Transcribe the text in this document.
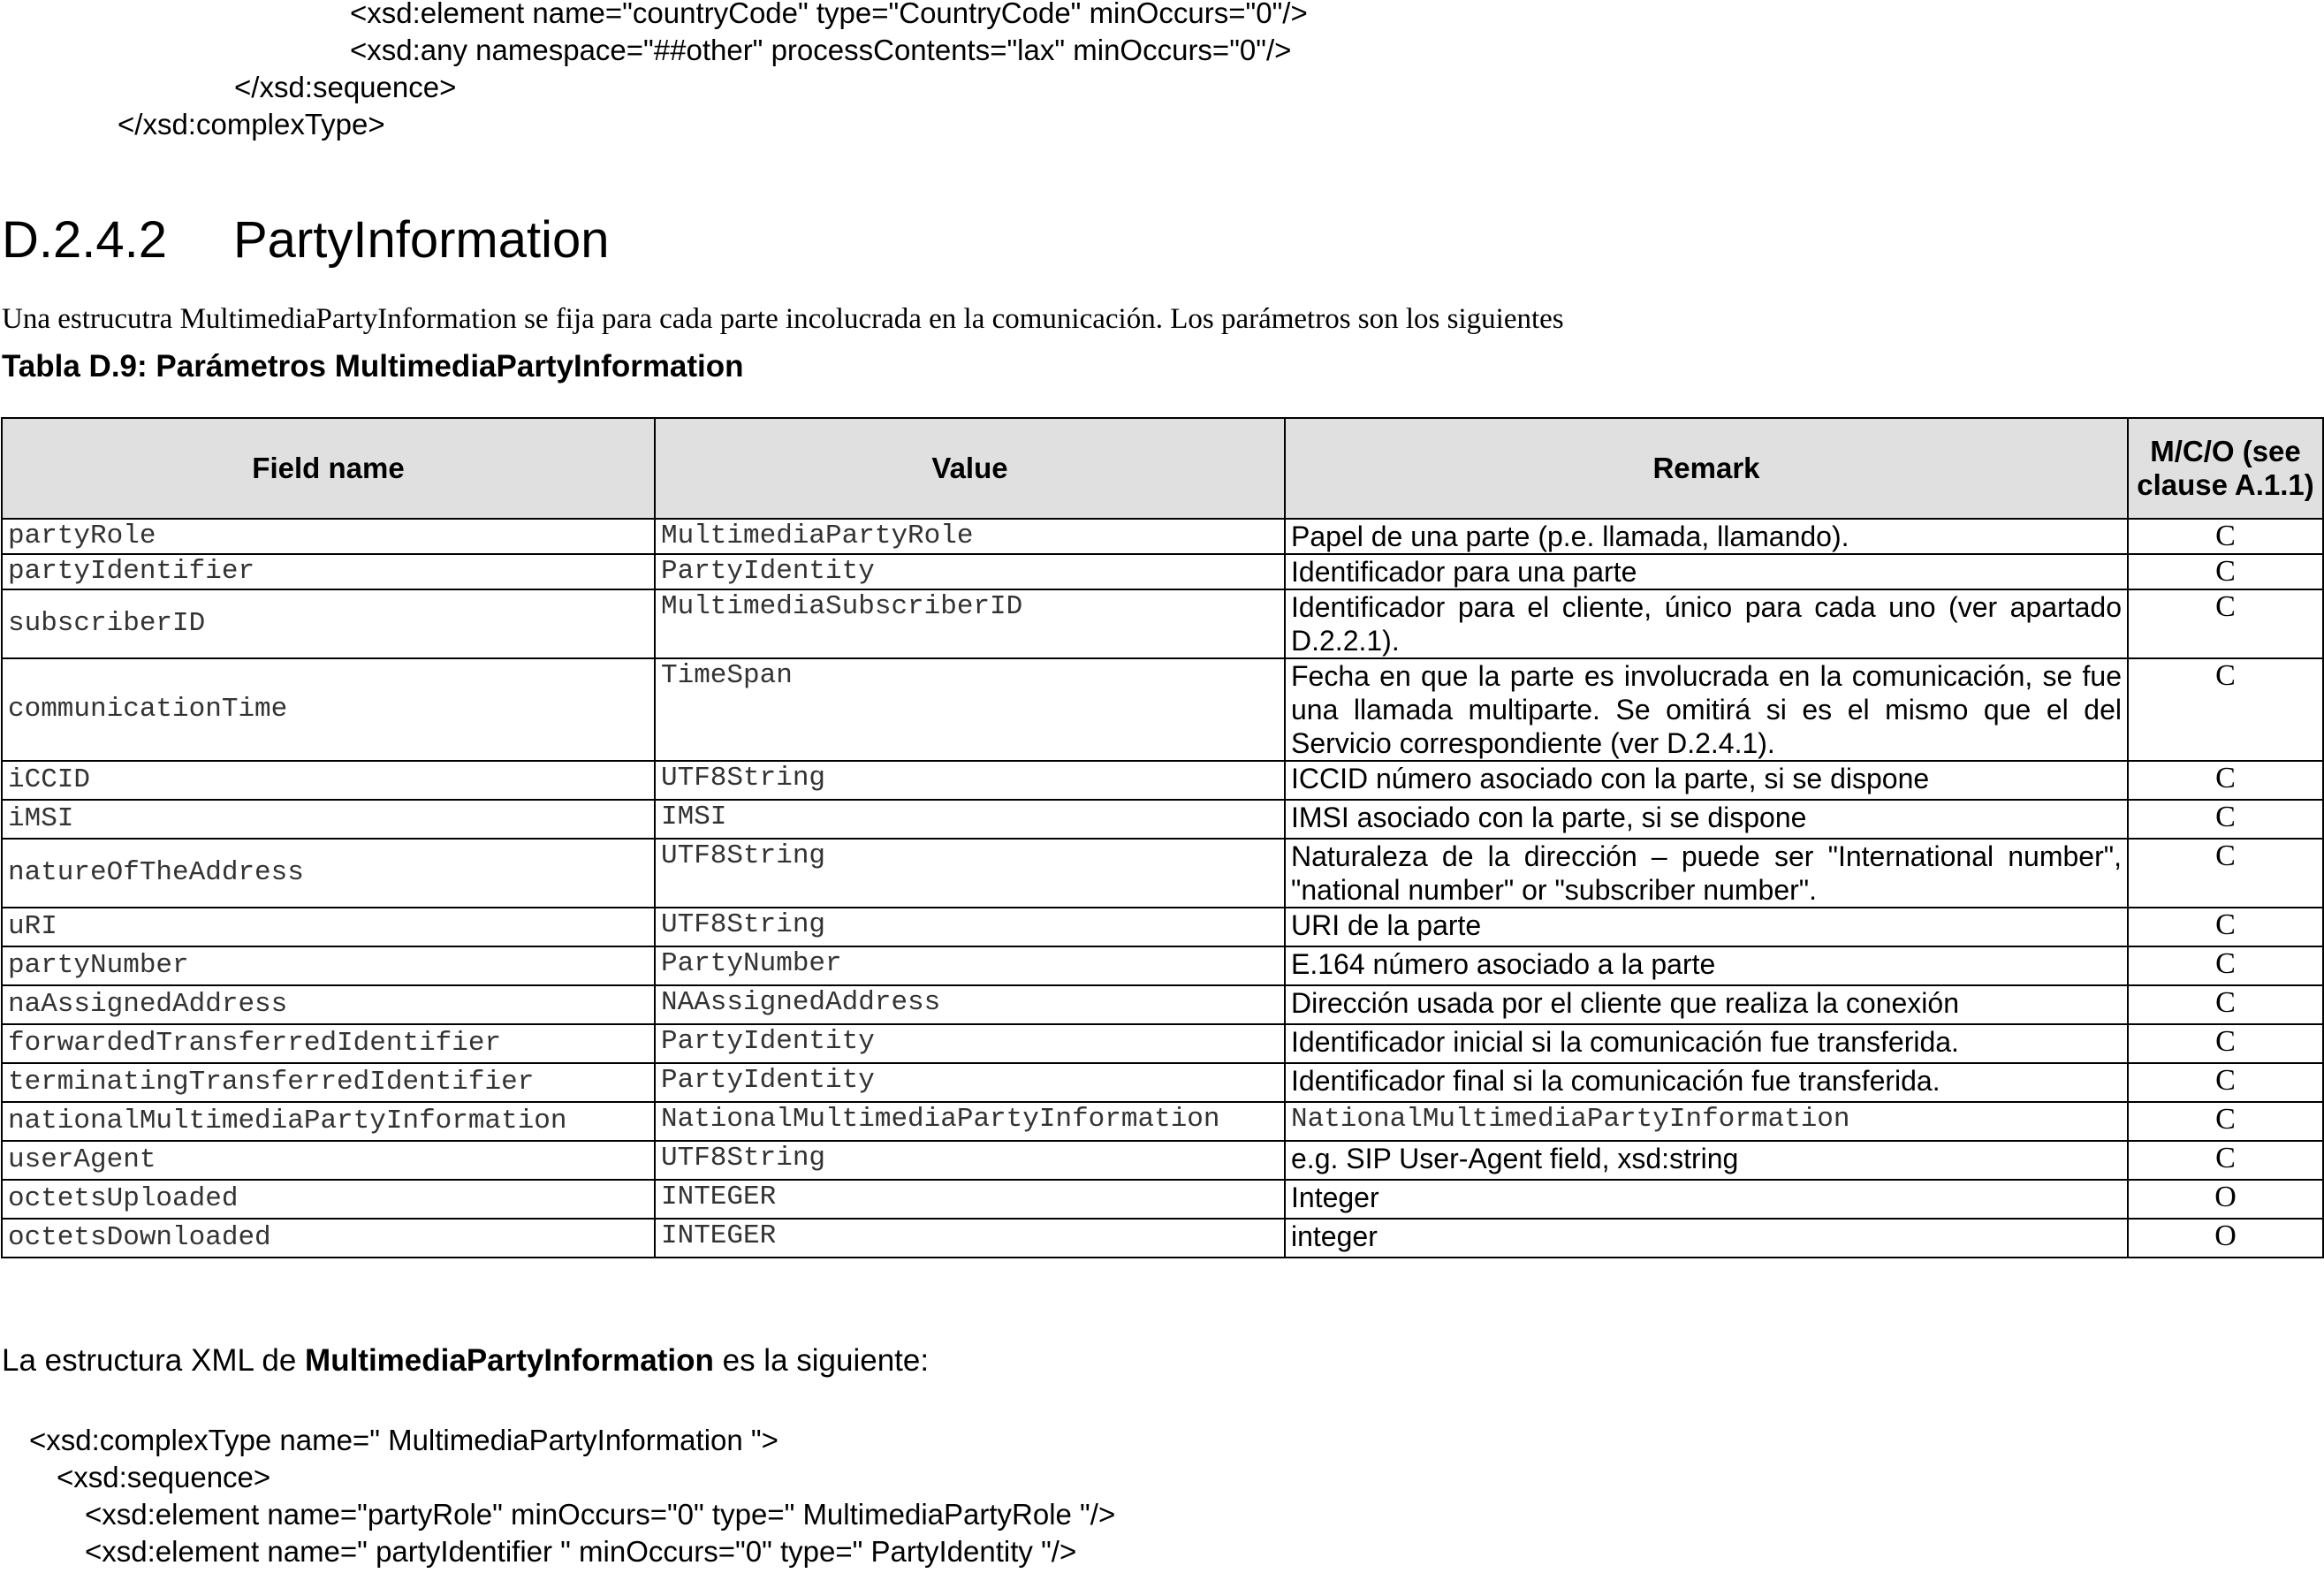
<xsd:element name="countryCode" type="CountryCode" minOccurs="0"/>
<xsd:any namespace="##other" processContents="lax" minOccurs="0"/>
</xsd:sequence>
</xsd:complexType>
D.2.4.2 PartyInformation
Una estrucutra MultimediaPartyInformation se fija para cada parte incolucrada en la comunicación. Los parámetros son los siguientes
Tabla D.9: Parámetros MultimediaPartyInformation
Field name	Value	Remark	M/C/O (see clause A.1.1)
partyRole	MultimediaPartyRole	Papel de una parte (p.e. llamada, llamando).	C
partyIdentifier	PartyIdentity	Identificador para una parte	C
subscriberID	MultimediaSubscriberID	Identificador para el cliente, único para cada uno (ver apartado D.2.2.1).	C
communicationTime	TimeSpan	Fecha en que la parte es involucrada en la comunicación, se fue una llamada multiparte. Se omitirá si es el mismo que el del Servicio correspondiente (ver D.2.4.1).	C
iCCID	UTF8String	ICCID número asociado con la parte, si se dispone	C
iMSI	IMSI	IMSI asociado con la parte, si se dispone	C
natureOfTheAddress	UTF8String	Naturaleza de la dirección – puede ser "International number", "national number" or "subscriber number".	C
uRI	UTF8String	URI de la parte	C
partyNumber	PartyNumber	E.164 número asociado a la parte	C
naAssignedAddress	NAAssignedAddress	Dirección usada por el cliente que realiza la conexión	C
forwardedTransferredIdentifier	PartyIdentity	Identificador inicial si la comunicación fue transferida.	C
terminatingTransferredIdentifier	PartyIdentity	Identificador final si la comunicación fue transferida.	C
nationalMultimediaPartyInformation	NationalMultimediaPartyInformation	NationalMultimediaPartyInformation	C
userAgent	UTF8String	e.g. SIP User-Agent field, xsd:string	C
octetsUploaded	INTEGER	Integer	O
octetsDownloaded	INTEGER	integer	O
La estructura XML de MultimediaPartyInformation es la siguiente:
<xsd:complexType name=" MultimediaPartyInformation ">
<xsd:sequence>
<xsd:element name="partyRole" minOccurs="0" type=" MultimediaPartyRole "/>
<xsd:element name=" partyIdentifier " minOccurs="0" type=" PartyIdentity "/>
